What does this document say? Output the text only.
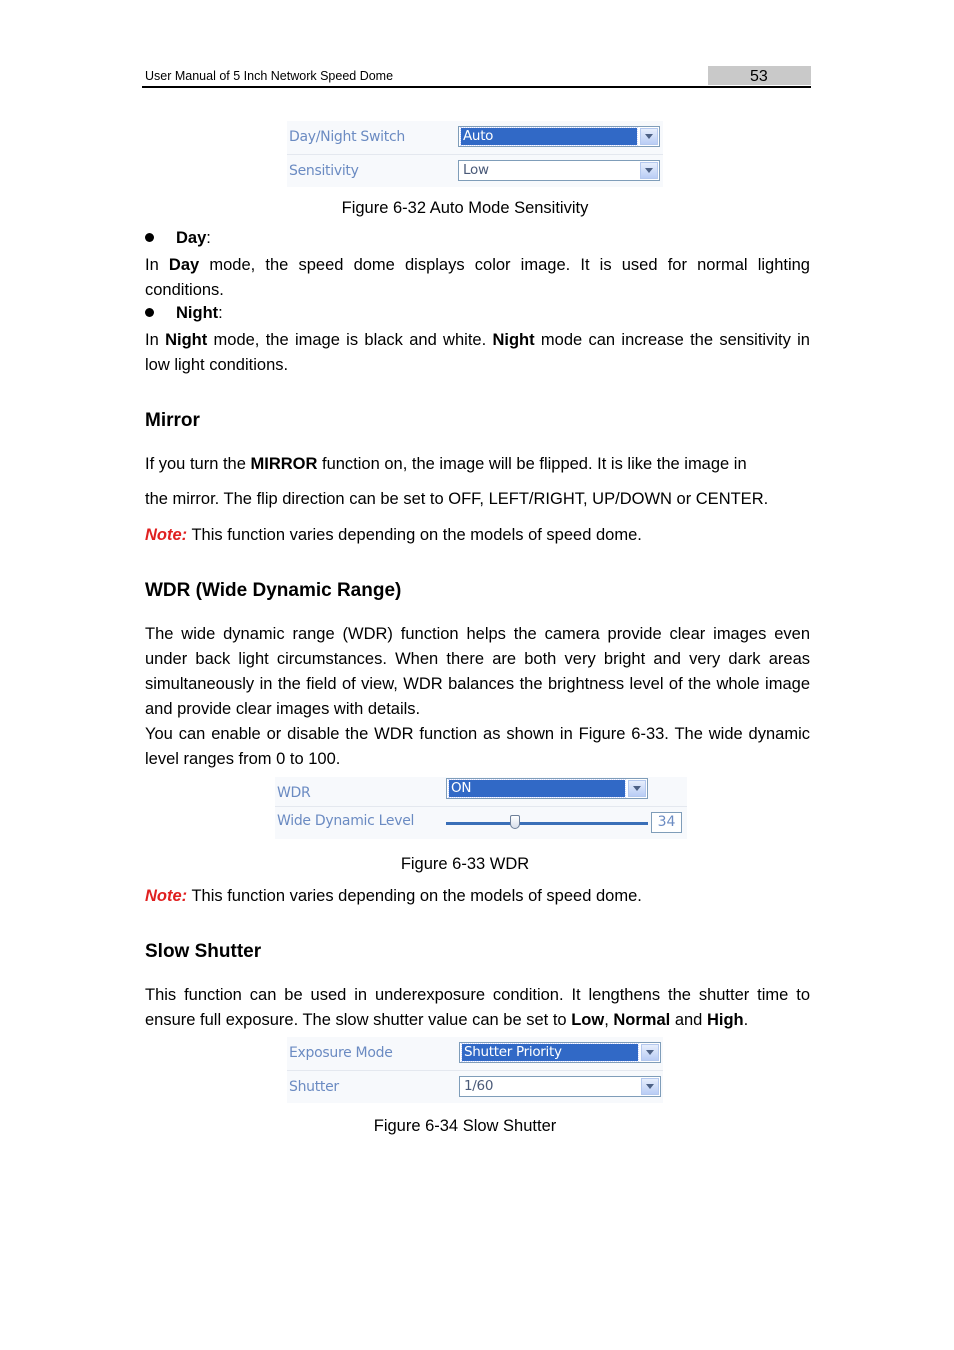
User Manual of 5 Inch Network Speed Dome	53
Day/Night Switch	Auto
Sensitivity	Low
Figure 6-32 Auto Mode Sensitivity
Day:
In Day mode, the speed dome displays color image. It is used for normal lighting conditions.
Night:
In Night mode, the image is black and white. Night mode can increase the sensitivity in low light conditions.
Mirror
If you turn the MIRROR function on, the image will be flipped. It is like the image in
the mirror. The flip direction can be set to OFF, LEFT/RIGHT, UP/DOWN or CENTER.
Note: This function varies depending on the models of speed dome.
WDR (Wide Dynamic Range)
The wide dynamic range (WDR) function helps the camera provide clear images even under back light circumstances. When there are both very bright and very dark areas simultaneously in the field of view, WDR balances the brightness level of the whole image and provide clear images with details.
You can enable or disable the WDR function as shown in Figure 6-33. The wide dynamic level ranges from 0 to 100.
WDR	ON
Wide Dynamic Level	34
Figure 6-33 WDR
Note: This function varies depending on the models of speed dome.
Slow Shutter
This function can be used in underexposure condition. It lengthens the shutter time to ensure full exposure. The slow shutter value can be set to Low, Normal and High.
Exposure Mode	Shutter Priority
Shutter	1/60
Figure 6-34 Slow Shutter
